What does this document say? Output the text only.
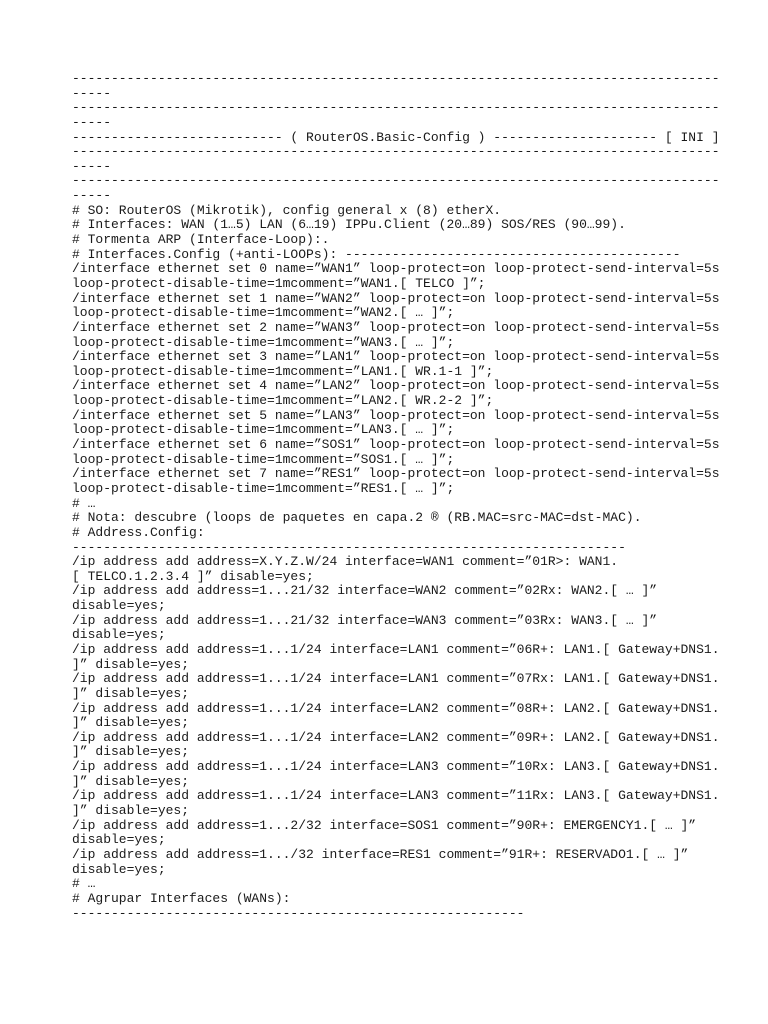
-----------------------------------------------------------------------------------
-----
-----------------------------------------------------------------------------------
-----
--------------------------- ( RouterOS.Basic-Config ) --------------------- [ INI ]
-----------------------------------------------------------------------------------
-----
-----------------------------------------------------------------------------------
-----
# SO: RouterOS (Mikrotik), config general x (8) etherX.
# Interfaces: WAN (1…5) LAN (6…19) IPPu.Client (20…89) SOS/RES (90…99).
# Tormenta ARP (Interface-Loop):.
# Interfaces.Config (+anti-LOOPs): -------------------------------------------
/interface ethernet set 0 name=”WAN1” loop-protect=on loop-protect-send-interval=5s
loop-protect-disable-time=1mcomment=”WAN1.[ TELCO ]”;
/interface ethernet set 1 name=”WAN2” loop-protect=on loop-protect-send-interval=5s
loop-protect-disable-time=1mcomment=”WAN2.[ … ]”;
/interface ethernet set 2 name=”WAN3” loop-protect=on loop-protect-send-interval=5s
loop-protect-disable-time=1mcomment=”WAN3.[ … ]”;
/interface ethernet set 3 name=”LAN1” loop-protect=on loop-protect-send-interval=5s
loop-protect-disable-time=1mcomment=”LAN1.[ WR.1-1 ]”;
/interface ethernet set 4 name=”LAN2” loop-protect=on loop-protect-send-interval=5s
loop-protect-disable-time=1mcomment=”LAN2.[ WR.2-2 ]”;
/interface ethernet set 5 name=”LAN3” loop-protect=on loop-protect-send-interval=5s
loop-protect-disable-time=1mcomment=”LAN3.[ … ]”;
/interface ethernet set 6 name=”SOS1” loop-protect=on loop-protect-send-interval=5s
loop-protect-disable-time=1mcomment=”SOS1.[ … ]”;
/interface ethernet set 7 name=”RES1” loop-protect=on loop-protect-send-interval=5s
loop-protect-disable-time=1mcomment=”RES1.[ … ]”;
# …
# Nota: descubre (loops de paquetes en capa.2 ® (RB.MAC=src-MAC=dst-MAC).
# Address.Config:
-----------------------------------------------------------------------
/ip address add address=X.Y.Z.W/24 interface=WAN1 comment=”01R>: WAN1.
[ TELCO.1.2.3.4 ]” disable=yes;
/ip address add address=1...21/32 interface=WAN2 comment=”02Rx: WAN2.[ … ]”
disable=yes;
/ip address add address=1...21/32 interface=WAN3 comment=”03Rx: WAN3.[ … ]”
disable=yes;
/ip address add address=1...1/24 interface=LAN1 comment=”06R+: LAN1.[ Gateway+DNS1.
]” disable=yes;
/ip address add address=1...1/24 interface=LAN1 comment=”07Rx: LAN1.[ Gateway+DNS1.
]” disable=yes;
/ip address add address=1...1/24 interface=LAN2 comment=”08R+: LAN2.[ Gateway+DNS1.
]” disable=yes;
/ip address add address=1...1/24 interface=LAN2 comment=”09R+: LAN2.[ Gateway+DNS1.
]” disable=yes;
/ip address add address=1...1/24 interface=LAN3 comment=”10Rx: LAN3.[ Gateway+DNS1.
]” disable=yes;
/ip address add address=1...1/24 interface=LAN3 comment=”11Rx: LAN3.[ Gateway+DNS1.
]” disable=yes;
/ip address add address=1...2/32 interface=SOS1 comment=”90R+: EMERGENCY1.[ … ]”
disable=yes;
/ip address add address=1.../32 interface=RES1 comment=”91R+: RESERVADO1.[ … ]”
disable=yes;
# …
# Agrupar Interfaces (WANs):
----------------------------------------------------------
